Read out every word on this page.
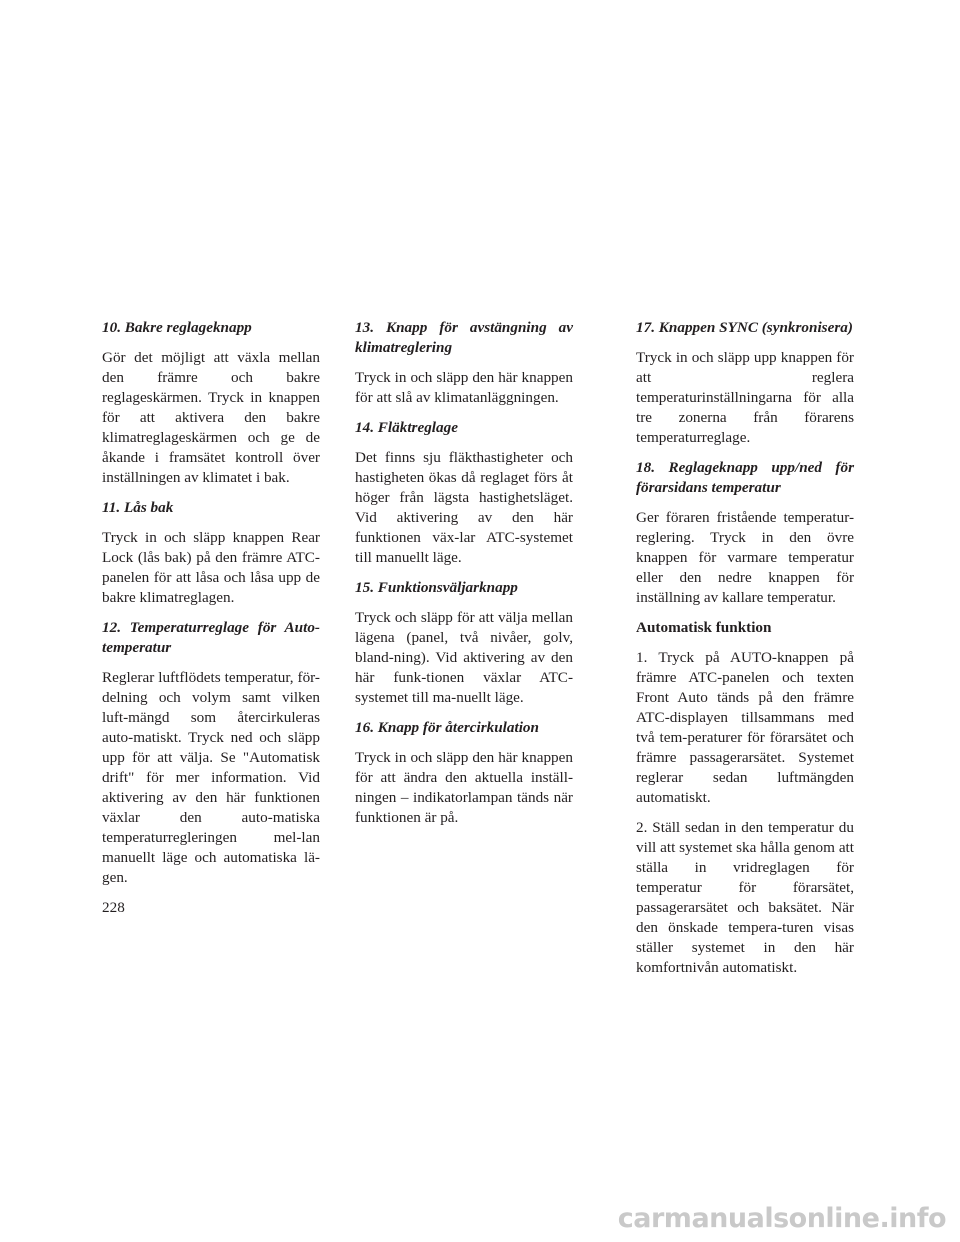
10. Bakre reglageknapp

Gör det möjligt att växla mellan den främre och bakre reglageskärmen. Tryck in knappen för att aktivera den bakre klimatreglageskärmen och ge de åkande i framsätet kontroll över inställningen av klimatet i bak.

11. Lås bak

Tryck in och släpp knappen Rear Lock (lås bak) på den främre ATC-panelen för att låsa och låsa upp de bakre klimatreglagen.

12. Temperaturreglage för Auto-temperatur

Reglerar luftflödets temperatur, för-delning och volym samt vilken luft-mängd som återcirkuleras auto-matiskt. Tryck ned och släpp upp för att välja. Se "Automatisk drift" för mer information. Vid aktivering av den här funktionen växlar den auto-matiska temperaturregleringen mel-lan manuellt läge och automatiska lä-gen.

13. Knapp för avstängning av klimatreglering

Tryck in och släpp den här knappen för att slå av klimatanläggningen.

14. Fläktreglage

Det finns sju fläkthastigheter och hastigheten ökas då reglaget förs åt höger från lägsta hastighetsläget. Vid aktivering av den här funktionen väx-lar ATC-systemet till manuellt läge.

15. Funktionsväljarknapp

Tryck och släpp för att välja mellan lägena (panel, två nivåer, golv, bland-ning). Vid aktivering av den här funk-tionen växlar ATC-systemet till ma-nuellt läge.

16. Knapp för återcirkulation

Tryck in och släpp den här knappen för att ändra den aktuella inställ-ningen – indikatorlampan tänds när funktionen är på.

17. Knappen SYNC (synkronisera)

Tryck in och släpp upp knappen för att reglera temperaturinställningarna för alla tre zonerna från förarens temperaturreglage.

18. Reglageknapp upp/ned för förarsidans temperatur

Ger föraren fristående temperatur-reglering. Tryck in den övre knappen för varmare temperatur eller den nedre knappen för inställning av kallare temperatur.

Automatisk funktion

1. Tryck på AUTO-knappen på främre ATC-panelen och texten Front Auto tänds på den främre ATC-displayen tillsammans med två tem-peraturer för förarsätet och främre passagerarsätet. Systemet reglerar sedan luftmängden automatiskt.

2. Ställ sedan in den temperatur du vill att systemet ska hålla genom att ställa in vridreglagen för temperatur för förarsätet, passagerarsätet och baksätet. När den önskade tempera-turen visas ställer systemet in den här komfortnivån automatiskt.

228

carmanualsonline.info
